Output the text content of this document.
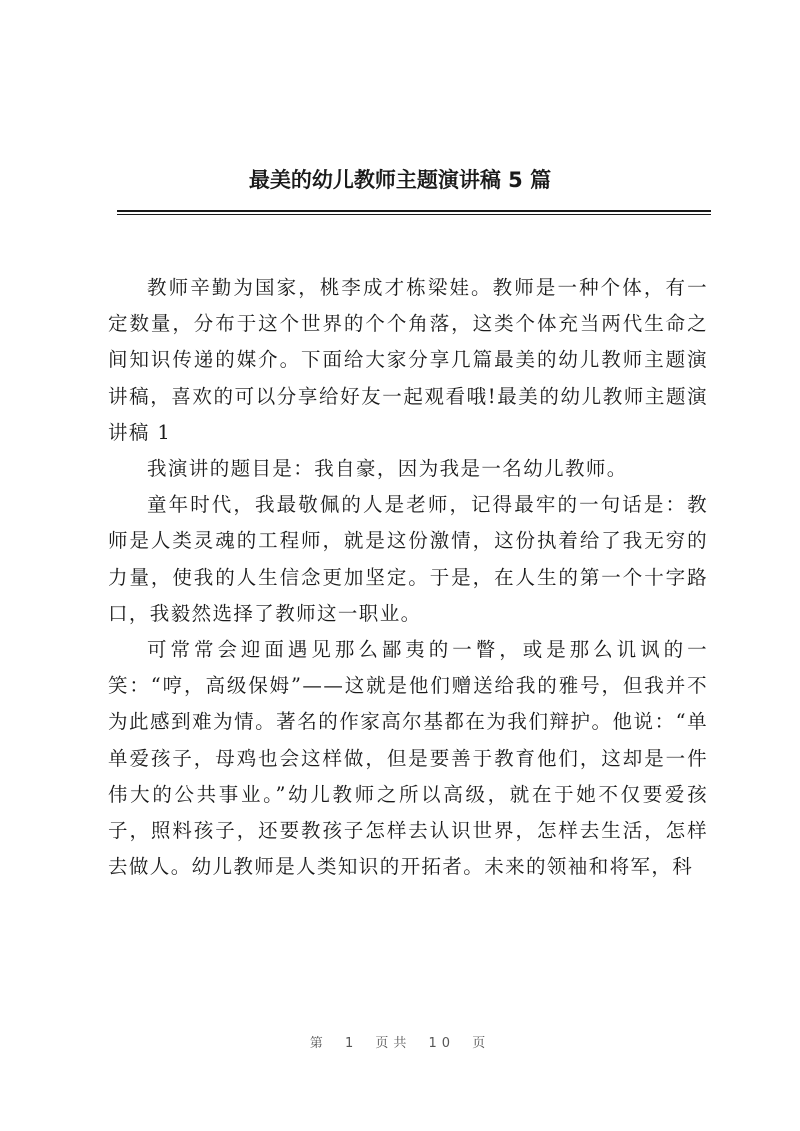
最美的幼儿教师主题演讲稿 5 篇

教师辛勤为国家，桃李成才栋梁娃。教师是一种个体，有一定数量，分布于这个世界的个个角落，这类个体充当两代生命之间知识传递的媒介。下面给大家分享几篇最美的幼儿教师主题演讲稿，喜欢的可以分享给好友一起观看哦!最美的幼儿教师主题演讲稿 1

我演讲的题目是：我自豪，因为我是一名幼儿教师。

童年时代，我最敬佩的人是老师，记得最牢的一句话是：教师是人类灵魂的工程师，就是这份激情，这份执着给了我无穷的力量，使我的人生信念更加坚定。于是，在人生的第一个十字路口，我毅然选择了教师这一职业。

可常常会迎面遇见那么鄙夷的一瞥，或是那么讥讽的一笑：“哼，高级保姆”——这就是他们赠送给我的雅号，但我并不为此感到难为情。著名的作家高尔基都在为我们辩护。他说：“单单爱孩子，母鸡也会这样做，但是要善于教育他们，这却是一件伟大的公共事业。”幼儿教师之所以高级，就在于她不仅要爱孩子，照料孩子，还要教孩子怎样去认识世界，怎样去生活，怎样去做人。幼儿教师是人类知识的开拓者。未来的领袖和将军，科

第 1 页共 10 页
